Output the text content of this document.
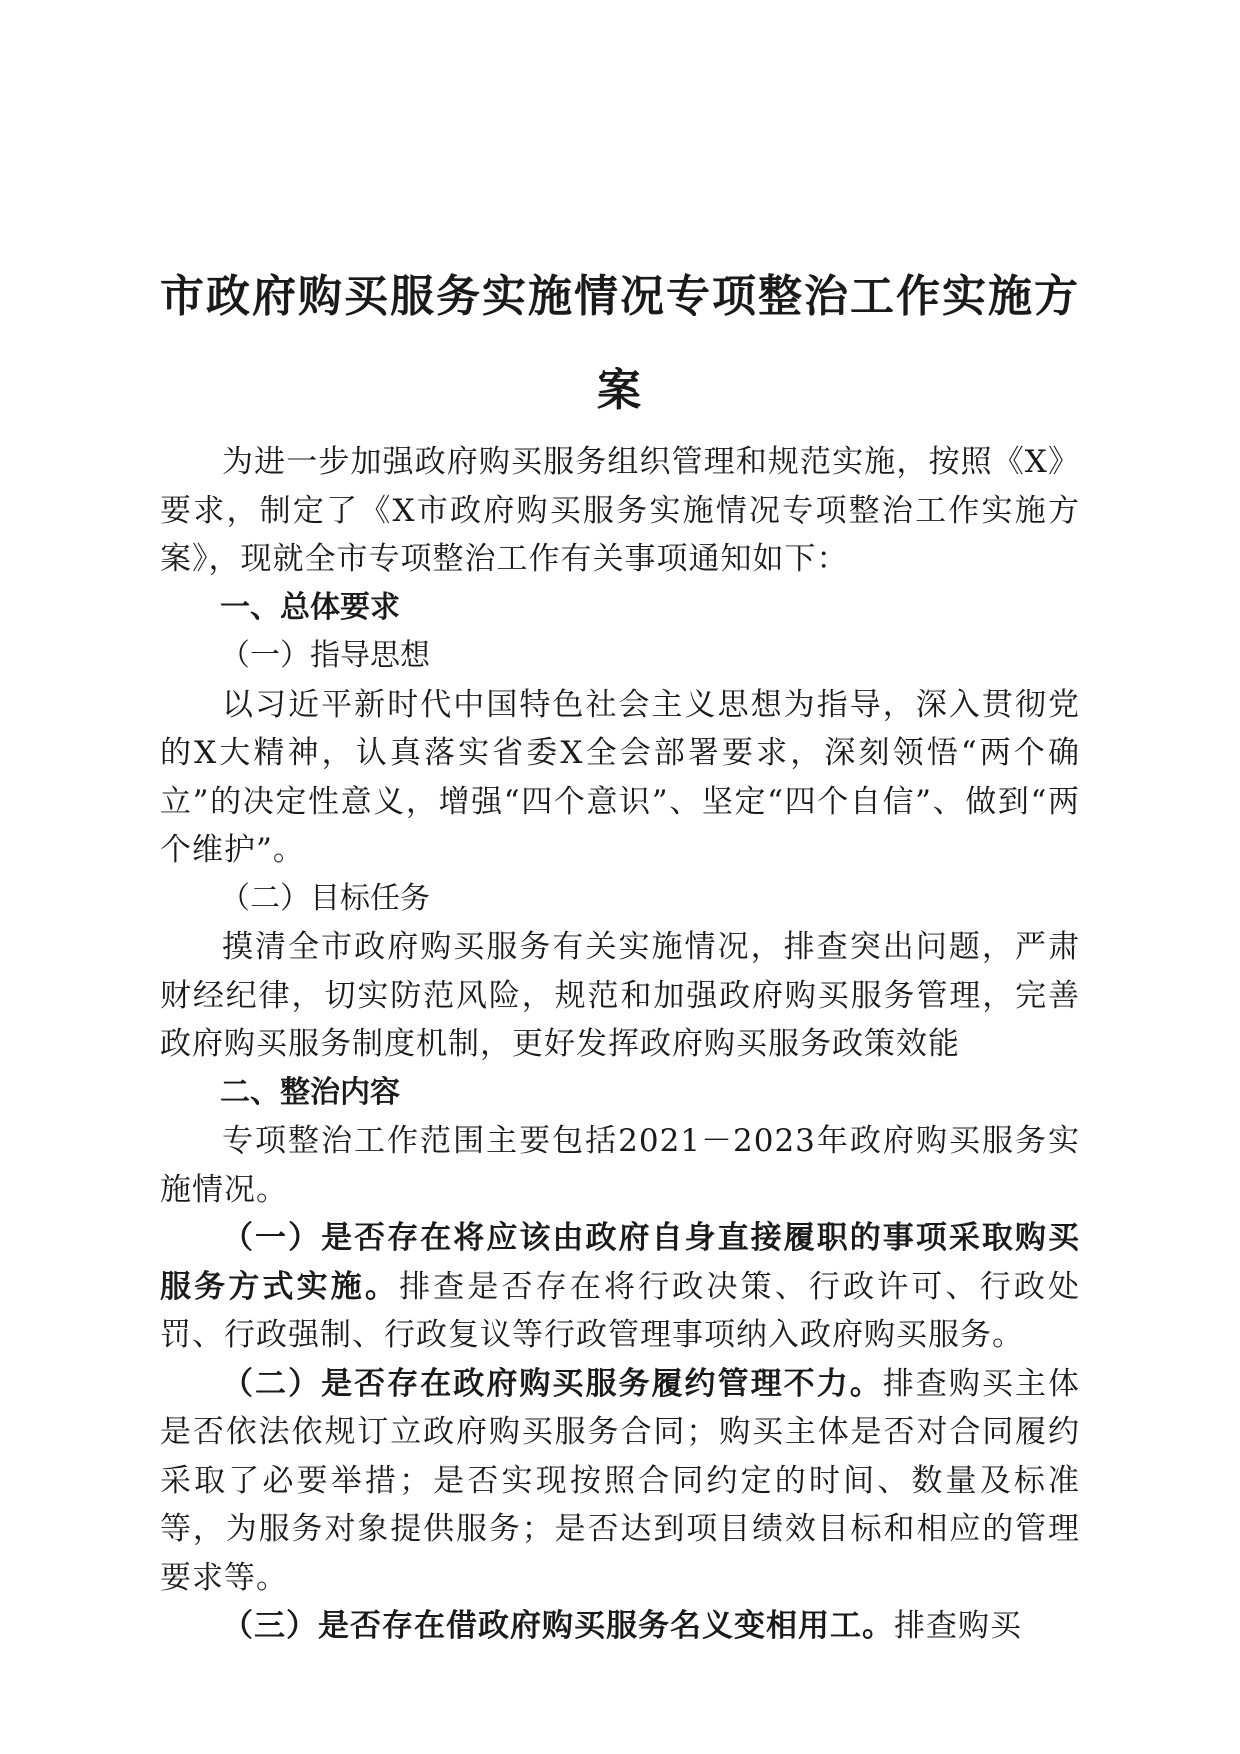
市政府购买服务实施情况专项整治工作实施方案

为进一步加强政府购买服务组织管理和规范实施，按照《X》要求，制定了《X市政府购买服务实施情况专项整治工作实施方案》，现就全市专项整治工作有关事项通知如下：

一、总体要求

（一）指导思想

以习近平新时代中国特色社会主义思想为指导，深入贯彻党的X大精神，认真落实省委X全会部署要求，深刻领悟“两个确立”的决定性意义，增强“四个意识”、坚定“四个自信”、做到“两个维护”。

（二）目标任务

摸清全市政府购买服务有关实施情况，排查突出问题，严肃财经纪律，切实防范风险，规范和加强政府购买服务管理，完善政府购买服务制度机制，更好发挥政府购买服务政策效能

二、整治内容

专项整治工作范围主要包括2021－2023年政府购买服务实施情况。

（一）是否存在将应该由政府自身直接履职的事项采取购买服务方式实施。排查是否存在将行政决策、行政许可、行政处罚、行政强制、行政复议等行政管理事项纳入政府购买服务。

（二）是否存在政府购买服务履约管理不力。排查购买主体是否依法依规订立政府购买服务合同；购买主体是否对合同履约采取了必要举措；是否实现按照合同约定的时间、数量及标准等，为服务对象提供服务；是否达到项目绩效目标和相应的管理要求等。

（三）是否存在借政府购买服务名义变相用工。排查购买
